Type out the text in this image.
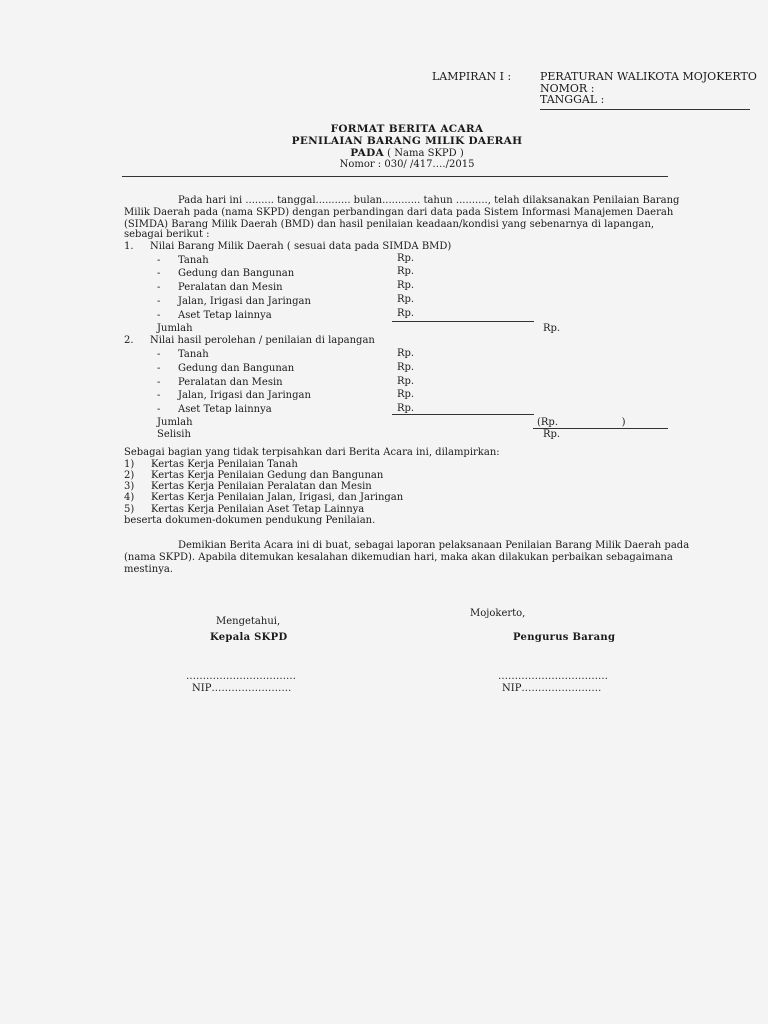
LAMPIRAN I :	PERATURAN WALIKOTA MOJOKERTO
NOMOR :
TANGGAL :
FORMAT BERITA ACARA
PENILAIAN BARANG MILIK DAERAH
PADA ( Nama SKPD )
Nomor : 030/ /417…./2015
Pada hari ini ......... tanggal........... bulan............ tahun .........., telah dilaksanakan Penilaian Barang
Milik Daerah pada (nama SKPD) dengan perbandingan dari data pada Sistem Informasi Manajemen Daerah
(SIMDA) Barang Milik Daerah (BMD) dan hasil penilaian keadaan/kondisi yang sebenarnya di lapangan,
sebagai berikut :
1. Nilai Barang Milik Daerah ( sesuai data pada SIMDA BMD)
- Tanah	Rp.
- Gedung dan Bangunan	Rp.
- Peralatan dan Mesin	Rp.
- Jalan, Irigasi dan Jaringan	Rp.
- Aset Tetap lainnya	Rp.
Jumlah	Rp.
2. Nilai hasil perolehan / penilaian di lapangan
- Tanah	Rp.
- Gedung dan Bangunan	Rp.
- Peralatan dan Mesin	Rp.
- Jalan, Irigasi dan Jaringan	Rp.
- Aset Tetap lainnya	Rp.
Jumlah	(Rp.                    )
Selisih	Rp.
Sebagai bagian yang tidak terpisahkan dari Berita Acara ini, dilampirkan:
1) Kertas Kerja Penilaian Tanah
2) Kertas Kerja Penilaian Gedung dan Bangunan
3) Kertas Kerja Penilaian Peralatan dan Mesin
4) Kertas Kerja Penilaian Jalan, Irigasi, dan Jaringan
5) Kertas Kerja Penilaian Aset Tetap Lainnya
beserta dokumen-dokumen pendukung Penilaian.
Demikian Berita Acara ini di buat, sebagai laporan pelaksanaan Penilaian Barang Milik Daerah pada
(nama SKPD). Apabila ditemukan kesalahan dikemudian hari, maka akan dilakukan perbaikan sebagaimana
mestinya.
Mengetahui,
Mojokerto,
Kepala SKPD	Pengurus Barang
……………………………	……………………………
NIP……………………	NIP……………………
